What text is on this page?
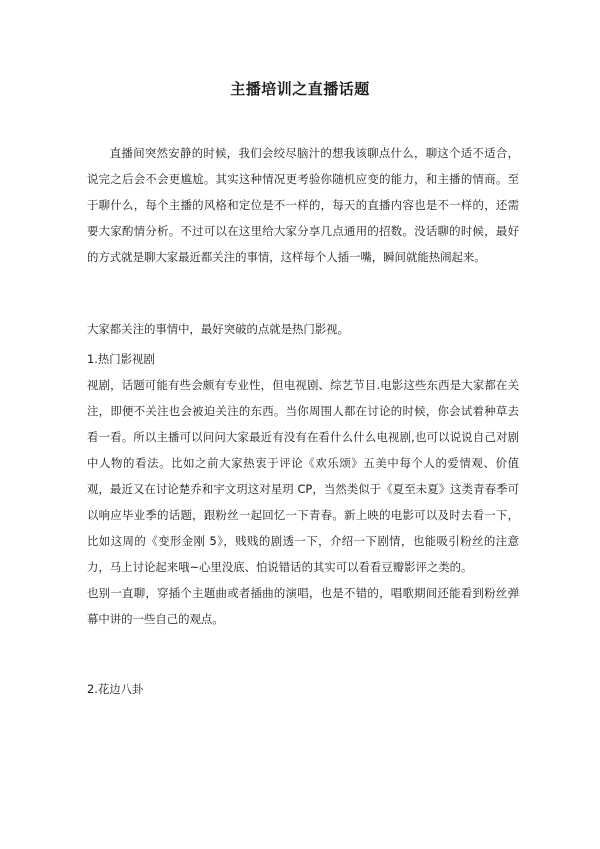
主播培训之直播话题

直播间突然安静的时候，我们会绞尽脑汁的想我该聊点什么，聊这个适不适合，说完之后会不会更尴尬。其实这种情况更考验你随机应变的能力，和主播的情商。至于聊什么，每个主播的风格和定位是不一样的，每天的直播内容也是不一样的，还需要大家酌情分析。不过可以在这里给大家分享几点通用的招数。没话聊的时候，最好的方式就是聊大家最近都关注的事情，这样每个人插一嘴，瞬间就能热闹起来。

大家都关注的事情中，最好突破的点就是热门影视。

1.热门影视剧

视剧，话题可能有些会颇有专业性，但电视剧、综艺节目.电影这些东西是大家都在关注，即便不关注也会被迫关注的东西。当你周围人都在讨论的时候，你会试着种草去看一看。所以主播可以问问大家最近有没有在看什么什么电视剧,也可以说说自己对剧中人物的看法。比如之前大家热衷于评论《欢乐颂》五美中每个人的爱情观、价值观，最近又在讨论楚乔和宇文玥这对星玥 CP，当然类似于《夏至未夏》这类青春季可以响应毕业季的话题，跟粉丝一起回忆一下青春。新上映的电影可以及时去看一下，比如这周的《变形金刚 5》，贱贱的剧透一下，介绍一下剧情，也能吸引粉丝的注意力，马上讨论起来哦~心里没底、怕说错话的其实可以看看豆瓣影评之类的。

也别一直聊，穿插个主题曲或者插曲的演唱，也是不错的，唱歌期间还能看到粉丝弹幕中讲的一些自己的观点。

2.花边八卦
